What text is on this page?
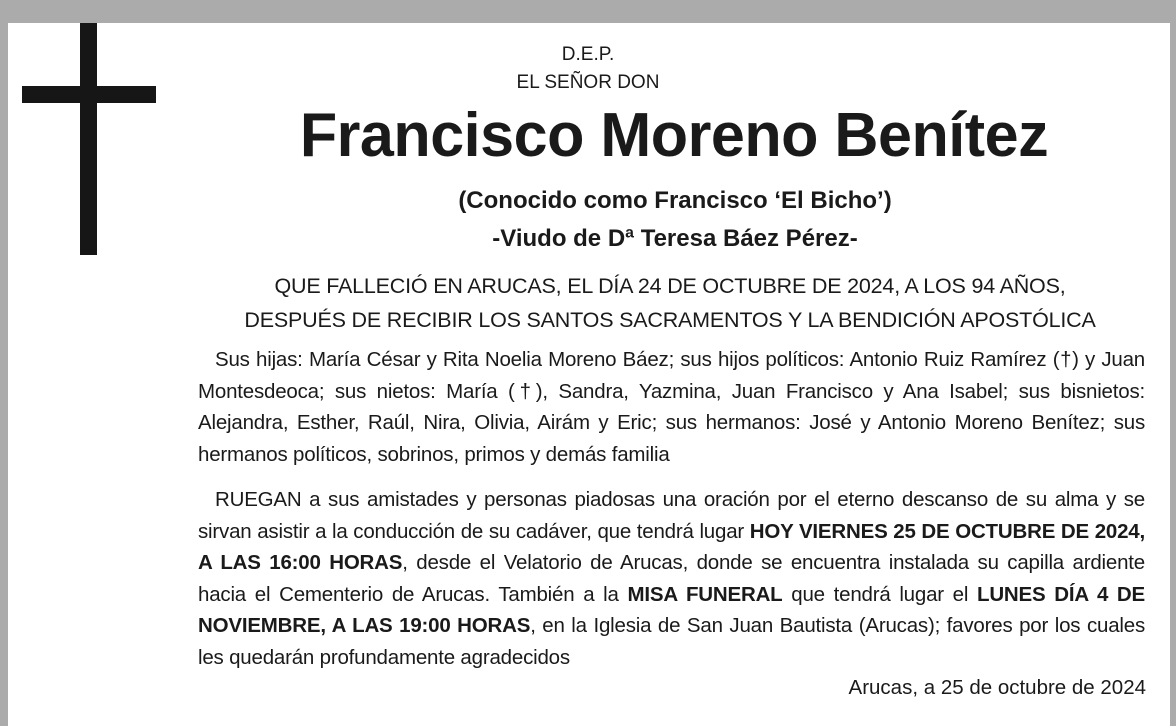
D.E.P.
EL SEÑOR DON
Francisco Moreno Benítez
(Conocido como Francisco ‘El Bicho’)
-Viudo de Dª Teresa Báez Pérez-
QUE FALLECIÓ EN ARUCAS, EL DÍA 24 DE OCTUBRE DE 2024, A LOS 94 AÑOS,
DESPUÉS DE RECIBIR LOS SANTOS SACRAMENTOS Y LA BENDICIÓN APOSTÓLICA
Sus hijas: María César y Rita Noelia Moreno Báez; sus hijos políticos: Antonio Ruiz Ramírez (†) y Juan Montesdeoca; sus nietos: María (†), Sandra, Yazmina, Juan Francisco y Ana Isabel; sus bisnietos: Alejandra, Esther, Raúl, Nira, Olivia, Airám y Eric; sus hermanos: José y Antonio Moreno Benítez; sus hermanos políticos, sobrinos, primos y demás familia
RUEGAN a sus amistades y personas piadosas una oración por el eterno descanso de su alma y se sirvan asistir a la conducción de su cadáver, que tendrá lugar HOY VIERNES 25 DE OCTUBRE DE 2024, A LAS 16:00 HORAS, desde el Velatorio de Arucas, donde se encuentra instalada su capilla ardiente hacia el Cementerio de Arucas. También a la MISA FUNERAL que tendrá lugar el LUNES DÍA 4 DE NOVIEMBRE, A LAS 19:00 HORAS, en la Iglesia de San Juan Bautista (Arucas); favores por los cuales les quedarán profundamente agradecidos
Arucas, a 25 de octubre de 2024
